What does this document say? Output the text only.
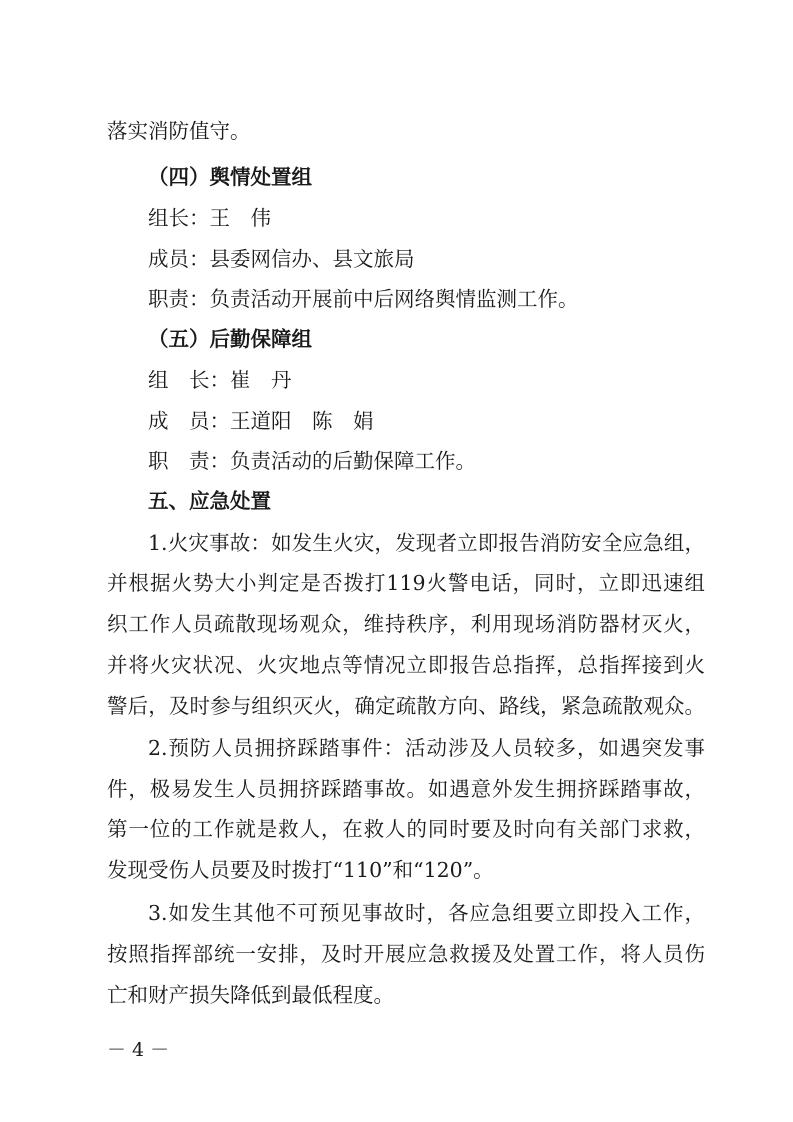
落实消防值守。
（四）舆情处置组
组长：王　伟
成员：县委网信办、县文旅局
职责：负责活动开展前中后网络舆情监测工作。
（五）后勤保障组
组　长：崔　丹
成　员：王道阳　陈　娟
职　责：负责活动的后勤保障工作。
五、应急处置
1.火灾事故：如发生火灾，发现者立即报告消防安全应急组，
并根据火势大小判定是否拨打119火警电话，同时，立即迅速组
织工作人员疏散现场观众，维持秩序，利用现场消防器材灭火，
并将火灾状况、火灾地点等情况立即报告总指挥，总指挥接到火
警后，及时参与组织灭火，确定疏散方向、路线，紧急疏散观众。
2.预防人员拥挤踩踏事件：活动涉及人员较多，如遇突发事
件，极易发生人员拥挤踩踏事故。如遇意外发生拥挤踩踏事故，
第一位的工作就是救人，在救人的同时要及时向有关部门求救，
发现受伤人员要及时拨打“110”和“120”。
3.如发生其他不可预见事故时，各应急组要立即投入工作，
按照指挥部统一安排，及时开展应急救援及处置工作，将人员伤
亡和财产损失降低到最低程度。
－ 4 －
